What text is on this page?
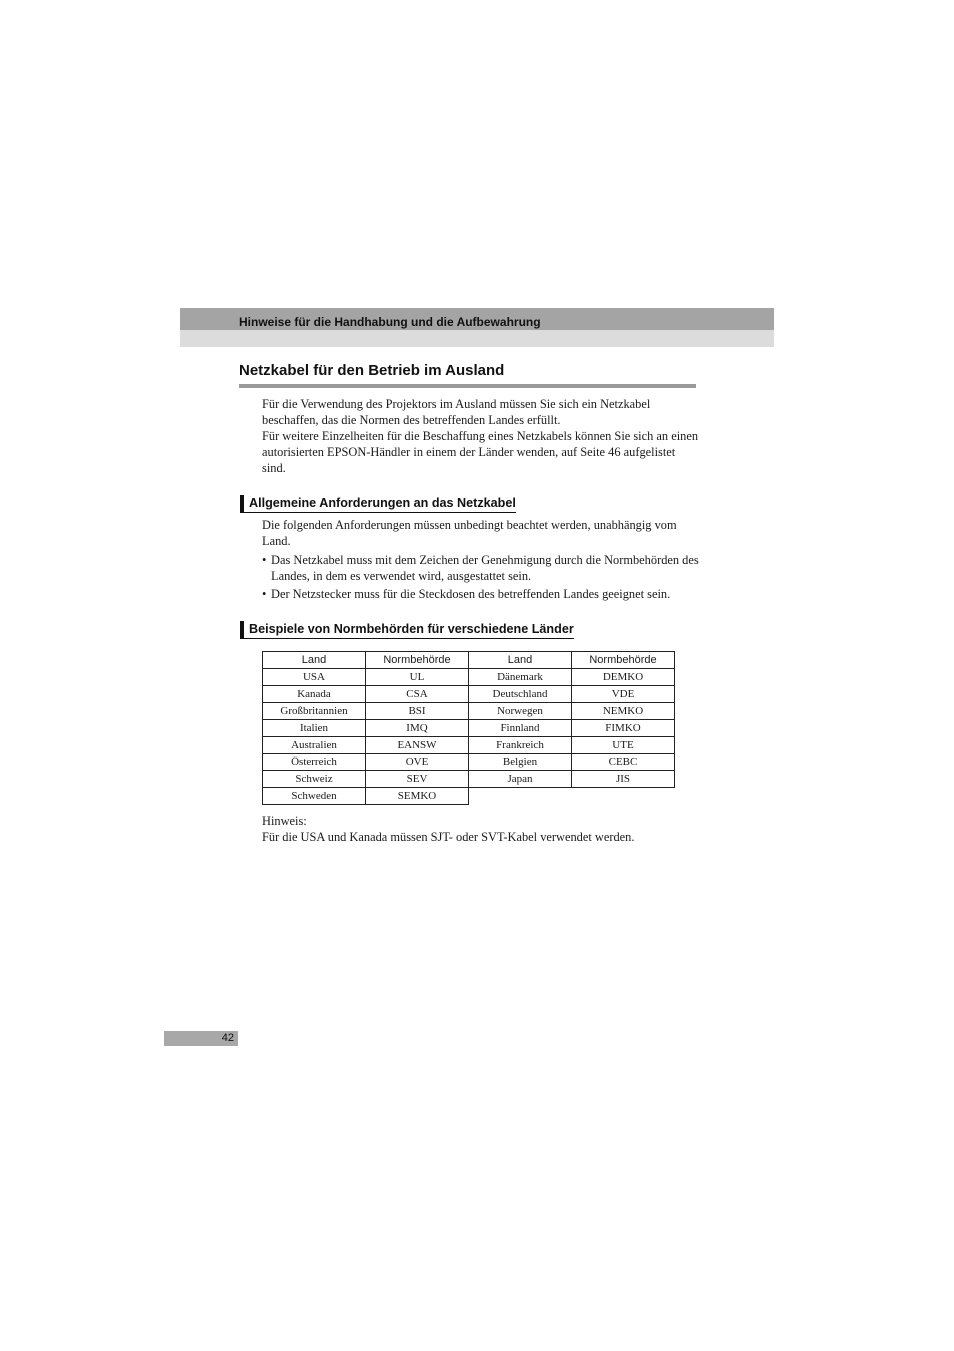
Hinweise für die Handhabung und die Aufbewahrung
Netzkabel für den Betrieb im Ausland

Für die Verwendung des Projektors im Ausland müssen Sie sich ein Netzkabel beschaffen, das die Normen des betreffenden Landes erfüllt.

Für weitere Einzelheiten für die Beschaffung eines Netzkabels können Sie sich an einen autorisierten EPSON-Händler in einem der Länder wenden, auf Seite 46 aufgelistet sind.

Allgemeine Anforderungen an das Netzkabel

Die folgenden Anforderungen müssen unbedingt beachtet werden, unabhängig vom Land.

• Das Netzkabel muss mit dem Zeichen der Genehmigung durch die Normbehörden des Landes, in dem es verwendet wird, ausgestattet sein.
• Der Netzstecker muss für die Steckdosen des betreffenden Landes geeignet sein.
Beispiele von Normbehörden für verschiedene Länder
Land	Normbehörde	Land	Normbehörde
USA	UL	Dänemark	DEMKO
Kanada	CSA	Deutschland	VDE
Großbritannien	BSI	Norwegen	NEMKO
Italien	IMQ	Finnland	FIMKO
Australien	EANSW	Frankreich	UTE
Österreich	OVE	Belgien	CEBC
Schweiz	SEV	Japan	JIS
Schweden	SEMKO		

Hinweis:

Für die USA und Kanada müssen SJT- oder SVT-Kabel verwendet werden.

42
